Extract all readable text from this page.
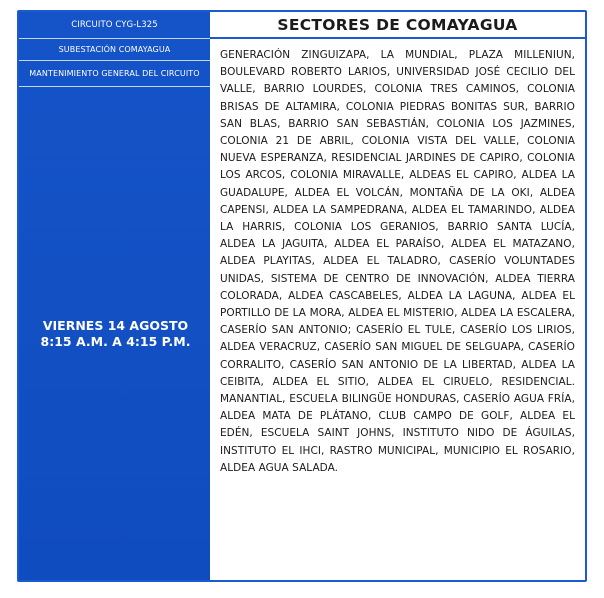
CIRCUITO CYG-L325
SUBESTACIÓN COMAYAGUA
MANTENIMIENTO GENERAL DEL CIRCUITO
VIERNES 14 AGOSTO
8:15 A.M. A 4:15 P.M.
SECTORES DE COMAYAGUA
GENERACIÓN ZINGUIZAPA, LA MUNDIAL, PLAZA MILLENIUN, BOULEVARD ROBERTO LARIOS, UNIVERSIDAD JOSÉ CECILIO DEL VALLE, BARRIO LOURDES, COLONIA TRES CAMINOS, COLONIA BRISAS DE ALTAMIRA, COLONIA PIEDRAS BONITAS SUR, BARRIO SAN BLAS, BARRIO SAN SEBASTIÁN, COLONIA LOS JAZMINES, COLONIA 21 DE ABRIL, COLONIA VISTA DEL VALLE, COLONIA NUEVA ESPERANZA, RESIDENCIAL JARDINES DE CAPIRO, COLONIA LOS ARCOS, COLONIA MIRAVALLE, ALDEAS EL CAPIRO, ALDEA LA GUADALUPE, ALDEA EL VOLCÁN, MONTAÑA DE LA OKI, ALDEA CAPENSI, ALDEA LA SAMPEDRANA, ALDEA EL TAMARINDO, ALDEA LA HARRIS, COLONIA LOS GERANIOS, BARRIO SANTA LUCÍA, ALDEA LA JAGUITA, ALDEA EL PARAÍSO, ALDEA EL MATAZANO, ALDEA PLAYITAS, ALDEA EL TALADRO, CASERÍO VOLUNTADES UNIDAS, SISTEMA DE CENTRO DE INNOVACIÓN, ALDEA TIERRA COLORADA, ALDEA CASCABELES, ALDEA LA LAGUNA, ALDEA EL PORTILLO DE LA MORA, ALDEA EL MISTERIO, ALDEA LA ESCALERA, CASERÍO SAN ANTONIO; CASERÍO EL TULE, CASERÍO LOS LIRIOS, ALDEA VERACRUZ, CASERÍO SAN MIGUEL DE SELGUAPA, CASERÍO CORRALITO, CASERÍO SAN ANTONIO DE LA LIBERTAD, ALDEA LA CEIBITA, ALDEA EL SITIO, ALDEA EL CIRUELO, RESIDENCIAL. MANANTIAL, ESCUELA BILINGÜE HONDURAS, CASERÍO AGUA FRÍA, ALDEA MATA DE PLÁTANO, CLUB CAMPO DE GOLF, ALDEA EL EDÉN, ESCUELA SAINT JOHNS, INSTITUTO NIDO DE ÁGUILAS, INSTITUTO EL IHCI, RASTRO MUNICIPAL, MUNICIPIO EL ROSARIO, ALDEA AGUA SALADA.
